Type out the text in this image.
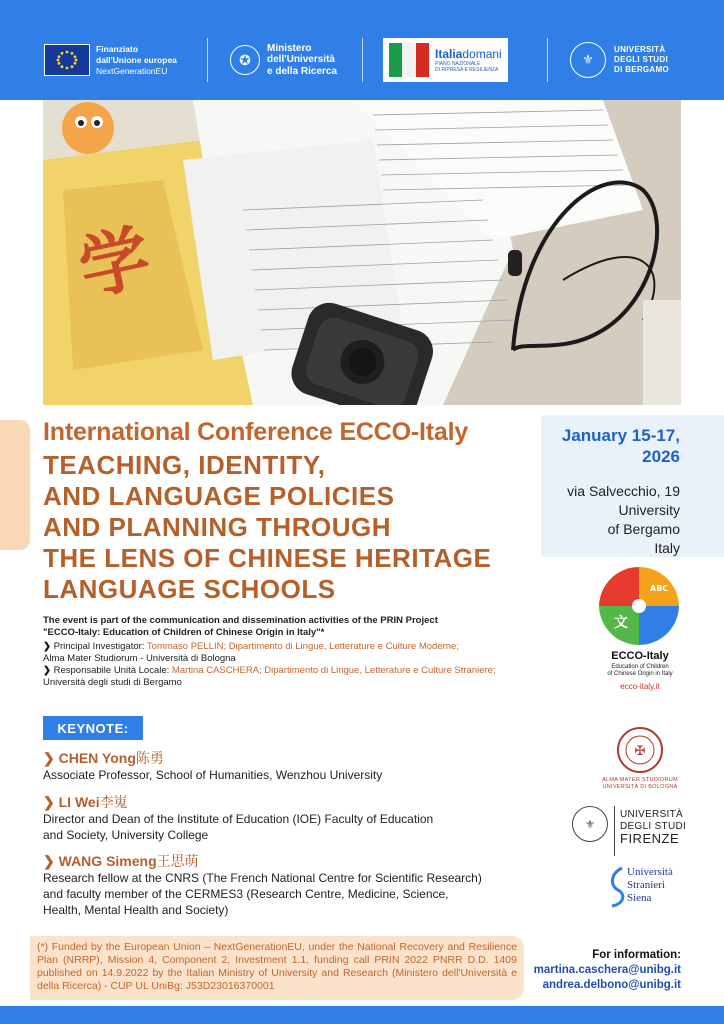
Finanziato
dall'Unione europea
NextGenerationEU
✪
Ministero
dell'Università
e della Ricerca
Italiadomani
PIANO NAZIONALE
DI RIPRESA E RESILIENZA
⚜
UNIVERSITÀ
DEGLI STUDI
DI BERGAMO
学
International Conference ECCO-Italy
TEACHING, IDENTITY,
AND LANGUAGE POLICIES
AND PLANNING THROUGH
THE LENS OF CHINESE HERITAGE
LANGUAGE SCHOOLS
January 15-17,
2026
via Salvecchio, 19
University
of Bergamo
Italy
ABC
文
ECCO-Italy
Education of Children
of Chinese Origin in Italy
ecco-italy.it

The event is part of the communication and dissemination activities of the PRIN Project

"ECCO-Italy: Education of Children of Chinese Origin in Italy"*

❯ Principal Investigator: Tommaso PELLIN; Dipartimento di Lingue, Letterature e Culture Moderne;

Alma Mater Studiorum - Università di Bologna

❯ Responsabile Unità Locale: Martina CASCHERA; Dipartimento di Lingue, Letterature e Culture Straniere;

Università degli studi di Bergamo

KEYNOTE:
❯ CHEN Yong陈勇
Associate Professor, School of Humanities, Wenzhou University
❯ LI Wei李嵬
Director and Dean of the Institute of Education (IOE) Faculty of Education
and Society, University College
❯ WANG Simeng王思萌
Research fellow at the CNRS (The French National Centre for Scientific Research)
and faculty member of the CERMES3 (Research Centre, Medicine, Science,
Health, Mental Health and Society)
✠
ALMA MATER STUDIORUM
UNIVERSITÀ DI BOLOGNA
⚜
UNIVERSITÀ
DEGLI STUDI
FIRENZE
Università
Stranieri
Siena
(*) Funded by the European Union – NextGenerationEU, under the National Recovery and Resilience Plan (NRRP), Mission 4, Component 2, Investment 1.1, funding call PRIN 2022 PNRR D.D. 1409 published on 14.9.2022 by the Italian Ministry of University and Research (Ministero dell'Università e della Ricerca) - CUP UL UniBg: J53D23016370001
For information:
martina.caschera@unibg.it
andrea.delbono@unibg.it
